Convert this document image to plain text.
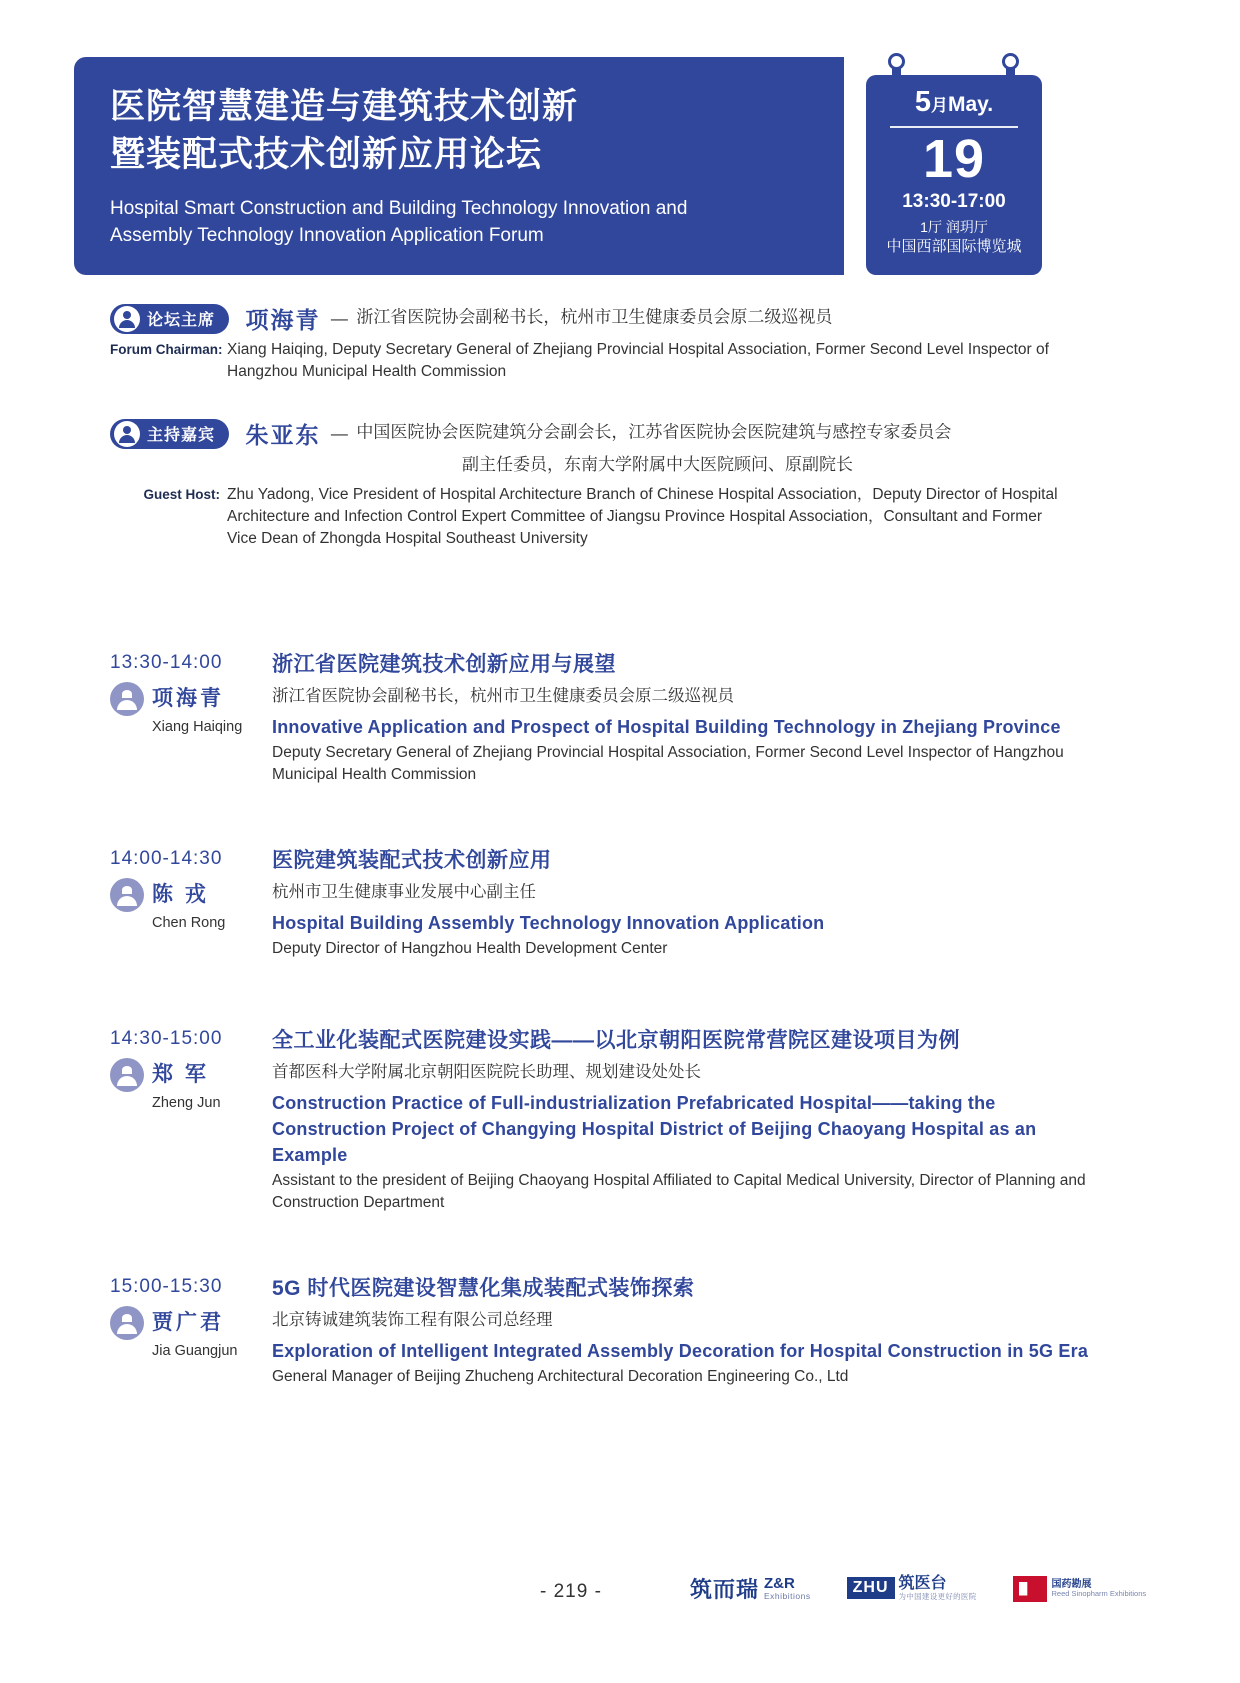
医院智慧建造与建筑技术创新
暨装配式技术创新应用论坛
Hospital Smart Construction and Building Technology Innovation and
Assembly Technology Innovation Application Forum
5月May.
19
13:30-17:00
1厅 润玥厅
中国西部国际博览城
论坛主席 项海青 — 浙江省医院协会副秘书长，杭州市卫生健康委员会原二级巡视员
Forum Chairman: Xiang Haiqing, Deputy Secretary General of Zhejiang Provincial Hospital Association, Former Second Level Inspector of Hangzhou Municipal Health Commission
主持嘉宾 朱亚东 — 中国医院协会医院建筑分会副会长，江苏省医院协会医院建筑与感控专家委员会
副主任委员，东南大学附属中大医院顾问、原副院长
Guest Host: Zhu Yadong, Vice President of Hospital Architecture Branch of Chinese Hospital Association，Deputy Director of Hospital Architecture and Infection Control Expert Committee of Jiangsu Province Hospital Association，Consultant and Former Vice Dean of Zhongda Hospital Southeast University
13:30-14:00
项海青
Xiang Haiqing
浙江省医院建筑技术创新应用与展望
浙江省医院协会副秘书长，杭州市卫生健康委员会原二级巡视员
Innovative Application and Prospect of Hospital Building Technology in Zhejiang Province
Deputy Secretary General of Zhejiang Provincial Hospital Association, Former Second Level Inspector of Hangzhou Municipal Health Commission
14:00-14:30
陈 戎
Chen Rong
医院建筑装配式技术创新应用
杭州市卫生健康事业发展中心副主任
Hospital Building Assembly Technology Innovation Application
Deputy Director of Hangzhou Health Development Center
14:30-15:00
郑 军
Zheng Jun
全工业化装配式医院建设实践——以北京朝阳医院常营院区建设项目为例
首都医科大学附属北京朝阳医院院长助理、规划建设处处长
Construction Practice of Full-industrialization Prefabricated Hospital——taking the Construction Project of Changying Hospital District of Beijing Chaoyang Hospital as an Example
Assistant to the president of Beijing Chaoyang Hospital Affiliated to Capital Medical University, Director of Planning and Construction Department
15:00-15:30
贾广君
Jia Guangjun
5G 时代医院建设智慧化集成装配式装饰探索
北京铸诚建筑装饰工程有限公司总经理
Exploration of Intelligent Integrated Assembly Decoration for Hospital Construction in 5G Era
General Manager of Beijing Zhucheng Architectural Decoration Engineering Co., Ltd
- 219 -	筑而瑞 Z&R
Exhibitions	ZHU 筑医台
为中国建设更好的医院
国药勘展
Reed Sinopharm Exhibitions
